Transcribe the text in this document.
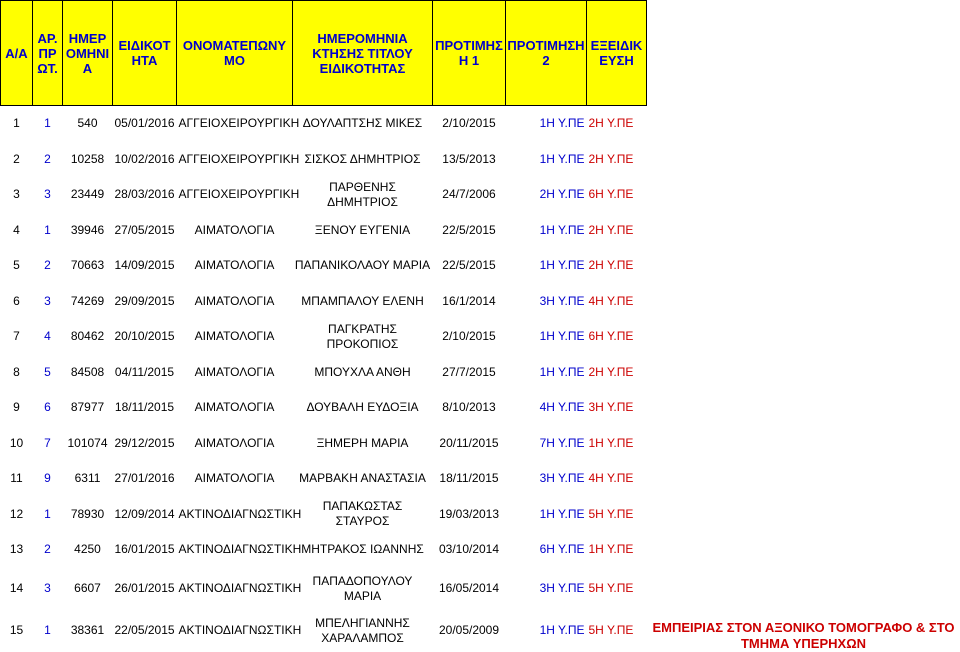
Α/Α	ΑΡ.ΠΡΩΤ.	ΗΜΕΡΟΜΗΝΙΑ	ΕΙΔΙΚΟΤΗΤΑ	ΟΝΟΜΑΤΕΠΩΝΥΜΟ	ΗΜΕΡΟΜΗΝΙΑ ΚΤΗΣΗΣ ΤΙΤΛΟΥ ΕΙΔΙΚΟΤΗΤΑΣ	ΠΡΟΤΙΜΗΣΗ 1	ΠΡΟΤΙΜΗΣΗ 2	ΕΞΕΙΔΙΚΕΥΣΗ	
1	1	540	05/01/2016	ΑΓΓΕΙΟΧΕΙΡΟΥΡΓΙΚΗ	ΔΟΥΛΑΠΤΣΗΣ ΜΙΚΕΣ	2/10/2015	1Η Υ.ΠΕ	2Η Υ.ΠΕ	
2	2	10258	10/02/2016	ΑΓΓΕΙΟΧΕΙΡΟΥΡΓΙΚΗ	ΣΙΣΚΟΣ ΔΗΜΗΤΡΙΟΣ	13/5/2013	1Η Υ.ΠΕ	2Η Υ.ΠΕ	
3	3	23449	28/03/2016	ΑΓΓΕΙΟΧΕΙΡΟΥΡΓΙΚΗ	ΠΑΡΘΕΝΗΣ ΔΗΜΗΤΡΙΟΣ	24/7/2006	2Η Υ.ΠΕ	6Η Υ.ΠΕ	
4	1	39946	27/05/2015	ΑΙΜΑΤΟΛΟΓΙΑ	ΞΕΝΟΥ ΕΥΓΕΝΙΑ	22/5/2015	1Η Υ.ΠΕ	2Η Υ.ΠΕ	
5	2	70663	14/09/2015	ΑΙΜΑΤΟΛΟΓΙΑ	ΠΑΠΑΝΙΚΟΛΑΟΥ ΜΑΡΙΑ	22/5/2015	1Η Υ.ΠΕ	2Η Υ.ΠΕ	
6	3	74269	29/09/2015	ΑΙΜΑΤΟΛΟΓΙΑ	ΜΠΑΜΠΑΛΟΥ ΕΛΕΝΗ	16/1/2014	3Η Υ.ΠΕ	4Η Υ.ΠΕ	
7	4	80462	20/10/2015	ΑΙΜΑΤΟΛΟΓΙΑ	ΠΑΓΚΡΑΤΗΣ ΠΡΟΚΟΠΙΟΣ	2/10/2015	1Η Υ.ΠΕ	6Η Υ.ΠΕ	
8	5	84508	04/11/2015	ΑΙΜΑΤΟΛΟΓΙΑ	ΜΠΟΥΧΛΑ ΑΝΘΗ	27/7/2015	1Η Υ.ΠΕ	2Η Υ.ΠΕ	
9	6	87977	18/11/2015	ΑΙΜΑΤΟΛΟΓΙΑ	ΔΟΥΒΑΛΗ ΕΥΔΟΞΙΑ	8/10/2013	4Η Υ.ΠΕ	3Η Υ.ΠΕ	
10	7	101074	29/12/2015	ΑΙΜΑΤΟΛΟΓΙΑ	ΞΗΜΕΡΗ ΜΑΡΙΑ	20/11/2015	7Η Υ.ΠΕ	1Η Υ.ΠΕ	
11	9	6311	27/01/2016	ΑΙΜΑΤΟΛΟΓΙΑ	ΜΑΡΒΑΚΗ ΑΝΑΣΤΑΣΙΑ	18/11/2015	3Η Υ.ΠΕ	4Η Υ.ΠΕ	
12	1	78930	12/09/2014	ΑΚΤΙΝΟΔΙΑΓΝΩΣΤΙΚΗ	ΠΑΠΑΚΩΣΤΑΣ ΣΤΑΥΡΟΣ	19/03/2013	1Η Υ.ΠΕ	5Η Υ.ΠΕ	
13	2	4250	16/01/2015	ΑΚΤΙΝΟΔΙΑΓΝΩΣΤΙΚΗ	ΜΗΤΡΑΚΟΣ ΙΩΑΝΝΗΣ	03/10/2014	6Η Υ.ΠΕ	1Η Υ.ΠΕ	
14	3	6607	26/01/2015	ΑΚΤΙΝΟΔΙΑΓΝΩΣΤΙΚΗ	ΠΑΠΑΔΟΠΟΥΛΟΥ ΜΑΡΙΑ	16/05/2014	3Η Υ.ΠΕ	5Η Υ.ΠΕ	
15	1	38361	22/05/2015	ΑΚΤΙΝΟΔΙΑΓΝΩΣΤΙΚΗ	ΜΠΕΛΗΓΙΑΝΝΗΣ ΧΑΡΑΛΑΜΠΟΣ	20/05/2009	1Η Υ.ΠΕ	5Η Υ.ΠΕ	ΕΜΠΕΙΡΙΑΣ ΣΤΟΝ ΑΞΟΝΙΚΟ ΤΟΜΟΓΡΑΦΟ & ΣΤΟ ΤΜΗΜΑ ΥΠΕΡΗΧΩΝ
